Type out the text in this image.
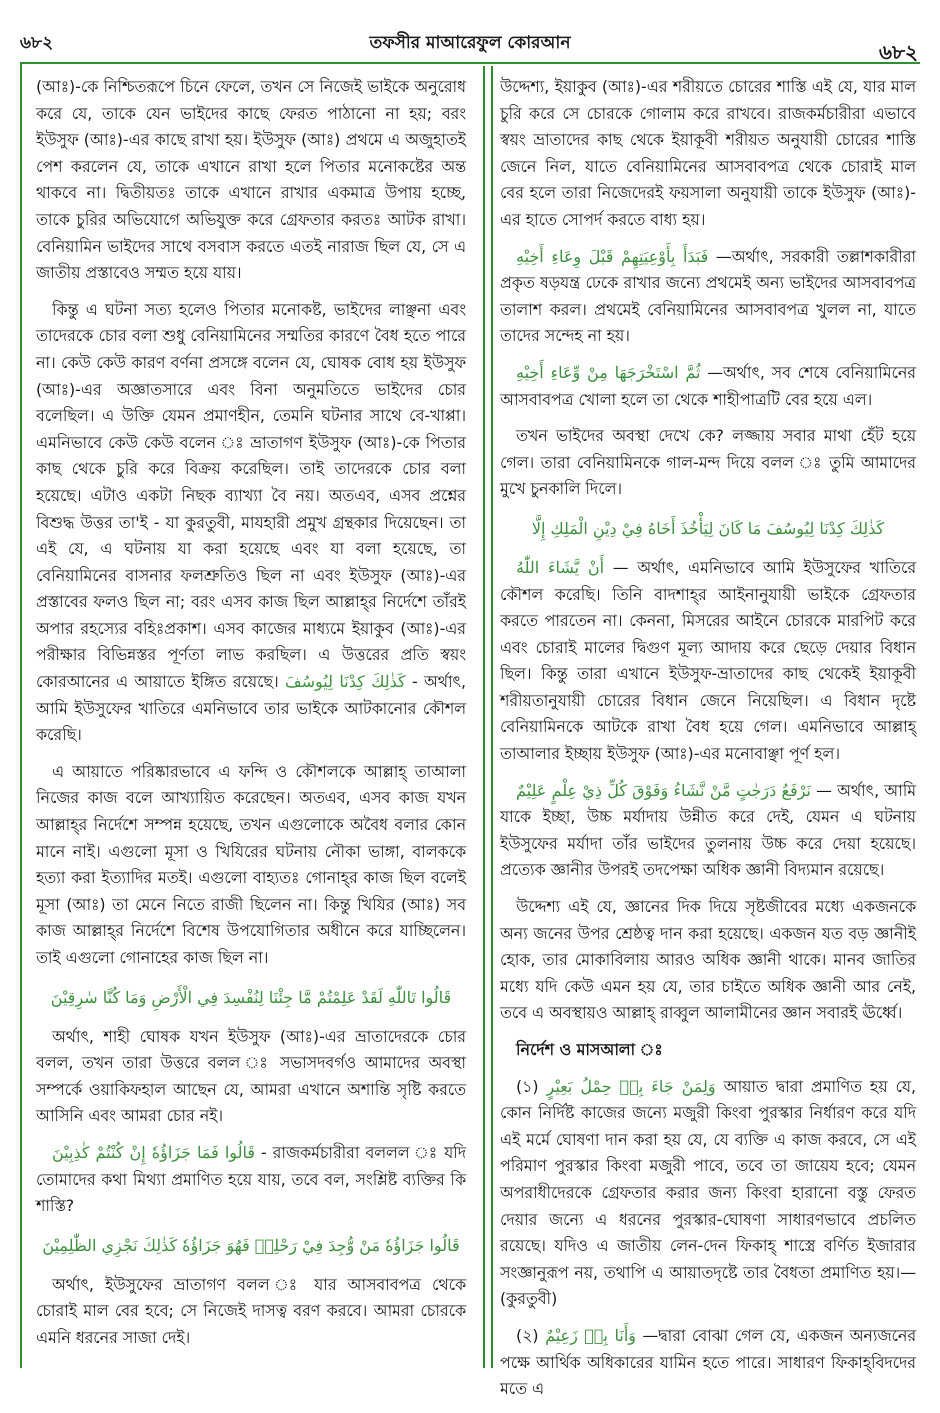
৬৮২	তফসীর মাআরেফুল কোরআন	৬৮২

(আঃ)-কে নিশ্চিতরূপে চিনে ফেলে, তখন সে নিজেই ভাইকে অনুরোধ করে যে, তাকে যেন ভাইদের কাছে ফেরত পাঠানো না হয়; বরং ইউসুফ (আঃ)-এর কাছে রাখা হয়। ইউসুফ (আঃ) প্রথমে এ অজুহাতই পেশ করলেন যে, তাকে এখানে রাখা হলে পিতার মনোকষ্টের অন্ত থাকবে না। দ্বিতীয়তঃ তাকে এখানে রাখার একমাত্র উপায় হচ্ছে, তাকে চুরির অভিযোগে অভিযুক্ত করে গ্রেফতার করতঃ আটক রাখা। বেনিয়ামিন ভাইদের সাথে বসবাস করতে এতই নারাজ ছিল যে, সে এ জাতীয় প্রস্তাবেও সম্মত হয়ে যায়।

কিন্তু এ ঘটনা সত্য হলেও পিতার মনোকষ্ট, ভাইদের লাঞ্ছনা এবং তাদেরকে চোর বলা শুধু বেনিয়ামিনের সম্মতির কারণে বৈধ হতে পারে না। কেউ কেউ কারণ বর্ণনা প্রসঙ্গে বলেন যে, ঘোষক বোধ হয় ইউসুফ (আঃ)-এর অজ্ঞাতসারে এবং বিনা অনুমতিতে ভাইদের চোর বলেছিল। এ উক্তি যেমন প্রমাণহীন, তেমনি ঘটনার সাথে বে-খাপ্পা। এমনিভাবে কেউ কেউ বলেন ঃ ভ্রাতাগণ ইউসুফ (আঃ)-কে পিতার কাছ থেকে চুরি করে বিক্রয় করেছিল। তাই তাদেরকে চোর বলা হয়েছে। এটাও একটা নিছক ব্যাখ্যা বৈ নয়। অতএব, এসব প্রশ্নের বিশুদ্ধ উত্তর তা'ই - যা কুরতুবী, মাযহারী প্রমুখ গ্রন্থকার দিয়েছেন। তা এই যে, এ ঘটনায় যা করা হয়েছে এবং যা বলা হয়েছে, তা বেনিয়ামিনের বাসনার ফলশ্রুতিও ছিল না এবং ইউসুফ (আঃ)-এর প্রস্তাবের ফলও ছিল না; বরং এসব কাজ ছিল আল্লাহ্‌র নির্দেশে তাঁরই অপার রহস্যের বহিঃপ্রকাশ। এসব কাজের মাধ্যমে ইয়াকুব (আঃ)-এর পরীক্ষার বিভিন্নস্তর পূর্ণতা লাভ করছিল। এ উত্তরের প্রতি স্বয়ং কোরআনের এ আয়াতে ইঙ্গিত রয়েছে। كَذٰلِكَ كِدْنَا لِيُوسُفَ - অর্থাৎ, আমি ইউসুফের খাতিরে এমনিভাবে তার ভাইকে আটকানোর কৌশল করেছি।

এ আয়াতে পরিষ্কারভাবে এ ফন্দি ও কৌশলকে আল্লাহ্ তাআলা নিজের কাজ বলে আখ্যায়িত করেছেন। অতএব, এসব কাজ যখন আল্লাহ্‌র নির্দেশে সম্পন্ন হয়েছে, তখন এগুলোকে অবৈধ বলার কোন মানে নাই। এগুলো মূসা ও খিযিরের ঘটনায় নৌকা ভাঙ্গা, বালককে হত্যা করা ইত্যাদির মতই। এগুলো বাহ্যতঃ গোনাহ্‌র কাজ ছিল বলেই মূসা (আঃ) তা মেনে নিতে রাজী ছিলেন না। কিন্তু খিযির (আঃ) সব কাজ আল্লাহ্‌র নির্দেশে বিশেষ উপযোগিতার অধীনে করে যাচ্ছিলেন। তাই এগুলো গোনাহের কাজ ছিল না।

قَالُوا تَاللّٰهِ لَقَدْ عَلِمْتُمْ مَّا جِئْنَا لِنُفْسِدَ فِي الْأَرْضِ وَمَا كُنَّا سٰرِقِيْنَ

অর্থাৎ, শাহী ঘোষক যখন ইউসুফ (আঃ)-এর ভ্রাতাদেরকে চোর বলল, তখন তারা উত্তরে বলল ঃ সভাসদবর্গও আমাদের অবস্থা সম্পর্কে ওয়াকিফহাল আছেন যে, আমরা এখানে অশান্তি সৃষ্টি করতে আসিনি এবং আমরা চোর নই।

قَالُوا فَمَا جَزَاؤُهٗ إِنْ كُنْتُمْ كٰذِبِيْنَ - রাজকর্মচারীরা বললল ঃ যদি তোমাদের কথা মিথ্যা প্রমাণিত হয়ে যায়, তবে বল, সংশ্লিষ্ট ব্যক্তির কি শাস্তি?

قَالُوا جَزَاؤُهٗ مَنْ وُّجِدَ فِيْ رَحْلِهٖ فَهُوَ جَزَاؤُهٗ كَذٰلِكَ نَجْزِي الظّٰلِمِيْنَ

অর্থাৎ, ইউসুফের ভ্রাতাগণ বলল ঃ যার আসবাবপত্র থেকে চোরাই মাল বের হবে; সে নিজেই দাসত্ব বরণ করবে। আমরা চোরকে এমনি ধরনের সাজা দেই।

উদ্দেশ্য, ইয়াকুব (আঃ)-এর শরীয়তে চোরের শাস্তি এই যে, যার মাল চুরি করে সে চোরকে গোলাম করে রাখবে। রাজকর্মচারীরা এভাবে স্বয়ং ভ্রাতাদের কাছ থেকে ইয়াকূবী শরীয়ত অনুযায়ী চোরের শাস্তি জেনে নিল, যাতে বেনিয়ামিনের আসবাবপত্র থেকে চোরাই মাল বের হলে তারা নিজেদেরই ফয়সালা অনুযায়ী তাকে ইউসুফ (আঃ)-এর হাতে সোপর্দ করতে বাধ্য হয়।

فَبَدَأَ بِأَوْعِيَتِهِمْ قَبْلَ وِعَاءِ أَخِيْهِ —অর্থাৎ, সরকারী তল্লাশকারীরা প্রকৃত ষড়যন্ত্র ঢেকে রাখার জন্যে প্রথমেই অন্য ভাইদের আসবাবপত্র তালাশ করল। প্রথমেই বেনিয়ামিনের আসবাবপত্র খুলল না, যাতে তাদের সন্দেহ না হয়।

ثُمَّ اسْتَخْرَجَهَا مِنْ وِّعَاءِ أَخِيْهِ —অর্থাৎ, সব শেষে বেনিয়ামিনের আসবাবপত্র খোলা হলে তা থেকে শাহীপাত্রটি বের হয়ে এল।

তখন ভাইদের অবস্থা দেখে কে? লজ্জায় সবার মাথা হেঁট হয়ে গেল। তারা বেনিয়ামিনকে গাল-মন্দ দিয়ে বলল ঃ তুমি আমাদের মুখে চুনকালি দিলে।

كَذٰلِكَ كِدْنَا لِيُوسُفَ مَا كَانَ لِيَأْخُذَ أَخَاهُ فِيْ دِيْنِ الْمَلِكِ إِلَّا

أَنْ يَّشَاءَ اللّٰهُ — অর্থাৎ, এমনিভাবে আমি ইউসুফের খাতিরে কৌশল করেছি। তিনি বাদশাহ্‌র আইনানুযায়ী ভাইকে গ্রেফতার করতে পারতেন না। কেননা, মিসরের আইনে চোরকে মারপিট করে এবং চোরাই মালের দ্বিগুণ মূল্য আদায় করে ছেড়ে দেয়ার বিধান ছিল। কিন্তু তারা এখানে ইউসুফ-ভ্রাতাদের কাছ থেকেই ইয়াকূবী শরীয়তানুযায়ী চোরের বিধান জেনে নিয়েছিল। এ বিধান দৃষ্টে বেনিয়ামিনকে আটকে রাখা বৈধ হয়ে গেল। এমনিভাবে আল্লাহ্ তাআলার ইচ্ছায় ইউসুফ (আঃ)-এর মনোবাঞ্ছা পূর্ণ হল।

نَرْفَعُ دَرَجٰتٍ مَّنْ نَّشَاءُ وَفَوْقَ كُلِّ ذِيْ عِلْمٍ عَلِيْمٌ — অর্থাৎ, আমি যাকে ইচ্ছা, উচ্চ মর্যাদায় উন্নীত করে দেই, যেমন এ ঘটনায় ইউসুফের মর্যাদা তাঁর ভাইদের তুলনায় উচ্চ করে দেয়া হয়েছে। প্রত্যেক জ্ঞানীর উপরই তদপেক্ষা অধিক জ্ঞানী বিদ্যমান রয়েছে।

উদ্দেশ্য এই যে, জ্ঞানের দিক দিয়ে সৃষ্টজীবের মধ্যে একজনকে অন্য জনের উপর শ্রেষ্ঠত্ব দান করা হয়েছে। একজন যত বড় জ্ঞানীই হোক, তার মোকাবিলায় আরও অধিক জ্ঞানী থাকে। মানব জাতির মধ্যে যদি কেউ এমন হয় যে, তার চাইতে অধিক জ্ঞানী আর নেই, তবে এ অবস্থায়ও আল্লাহ্ রাব্বুল আলামীনের জ্ঞান সবারই ঊর্ধ্বে।

নির্দেশ ও মাসআলা ঃ

(১) وَلِمَنْ جَاءَ بِهٖ حِمْلُ بَعِيْرٍ আয়াত দ্বারা প্রমাণিত হয় যে, কোন নির্দিষ্ট কাজের জন্যে মজুরী কিংবা পুরস্কার নির্ধারণ করে যদি এই মর্মে ঘোষণা দান করা হয় যে, যে ব্যক্তি এ কাজ করবে, সে এই পরিমাণ পুরস্কার কিংবা মজুরী পাবে, তবে তা জায়েয হবে; যেমন অপরাধীদেরকে গ্রেফতার করার জন্য কিংবা হারানো বস্তু ফেরত দেয়ার জন্যে এ ধরনের পুরস্কার-ঘোষণা সাধারণভাবে প্রচলিত রয়েছে। যদিও এ জাতীয় লেন-দেন ফিকাহ্ শাস্ত্রে বর্ণিত ইজারার সংজ্ঞানুরূপ নয়, তথাপি এ আয়াতদৃষ্টে তার বৈধতা প্রমাণিত হয়।—(কুরতুবী)

(২) وَأَنَا بِهٖ زَعِيْمٌ —দ্বারা বোঝা গেল যে, একজন অন্যজনের পক্ষে আর্থিক অধিকারের যামিন হতে পারে। সাধারণ ফিকাহ্‌বিদদের মতে এ
